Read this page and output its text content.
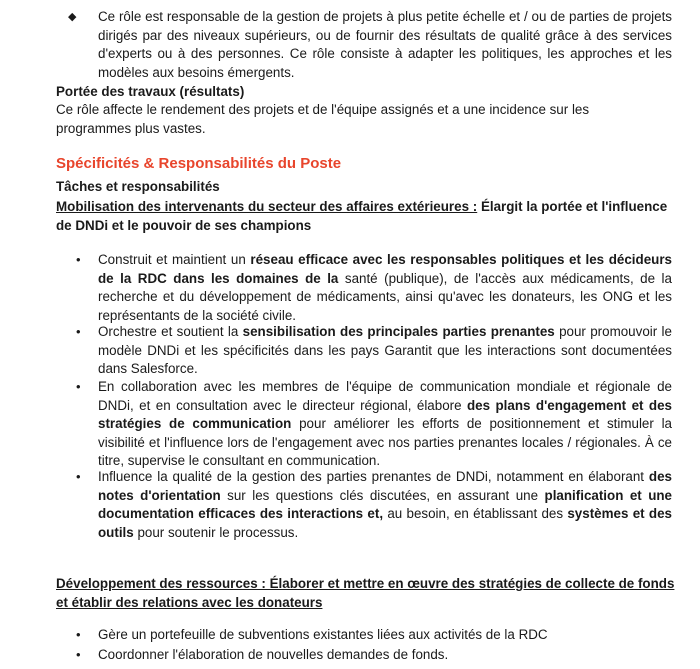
◆ Ce rôle est responsable de la gestion de projets à plus petite échelle et / ou de parties de projets dirigés par des niveaux supérieurs, ou de fournir des résultats de qualité grâce à des services d'experts ou à des personnes. Ce rôle consiste à adapter les politiques, les approches et les modèles aux besoins émergents.

Portée des travaux (résultats)

Ce rôle affecte le rendement des projets et de l'équipe assignés et a une incidence sur les programmes plus vastes.

Spécificités & Responsabilités du Poste

Tâches et responsabilités

Mobilisation des intervenants du secteur des affaires extérieures : Élargit la portée et l'influence de DNDi et le pouvoir de ses champions

• Construit et maintient un réseau efficace avec les responsables politiques et les décideurs de la RDC dans les domaines de la santé (publique), de l'accès aux médicaments, de la recherche et du développement de médicaments, ainsi qu'avec les donateurs, les ONG et les représentants de la société civile.

• Orchestre et soutient la sensibilisation des principales parties prenantes pour promouvoir le modèle DNDi et les spécificités dans les pays Garantit que les interactions sont documentées dans Salesforce.

• En collaboration avec les membres de l'équipe de communication mondiale et régionale de DNDi, et en consultation avec le directeur régional, élabore des plans d'engagement et des stratégies de communication pour améliorer les efforts de positionnement et stimuler la visibilité et l'influence lors de l'engagement avec nos parties prenantes locales / régionales. À ce titre, supervise le consultant en communication.

• Influence la qualité de la gestion des parties prenantes de DNDi, notamment en élaborant des notes d'orientation sur les questions clés discutées, en assurant une planification et une documentation efficaces des interactions et, au besoin, en établissant des systèmes et des outils pour soutenir le processus.

Développement des ressources : Élaborer et mettre en œuvre des stratégies de collecte de fonds et établir des relations avec les donateurs

• Gère un portefeuille de subventions existantes liées aux activités de la RDC

• Coordonner l'élaboration de nouvelles demandes de fonds.
